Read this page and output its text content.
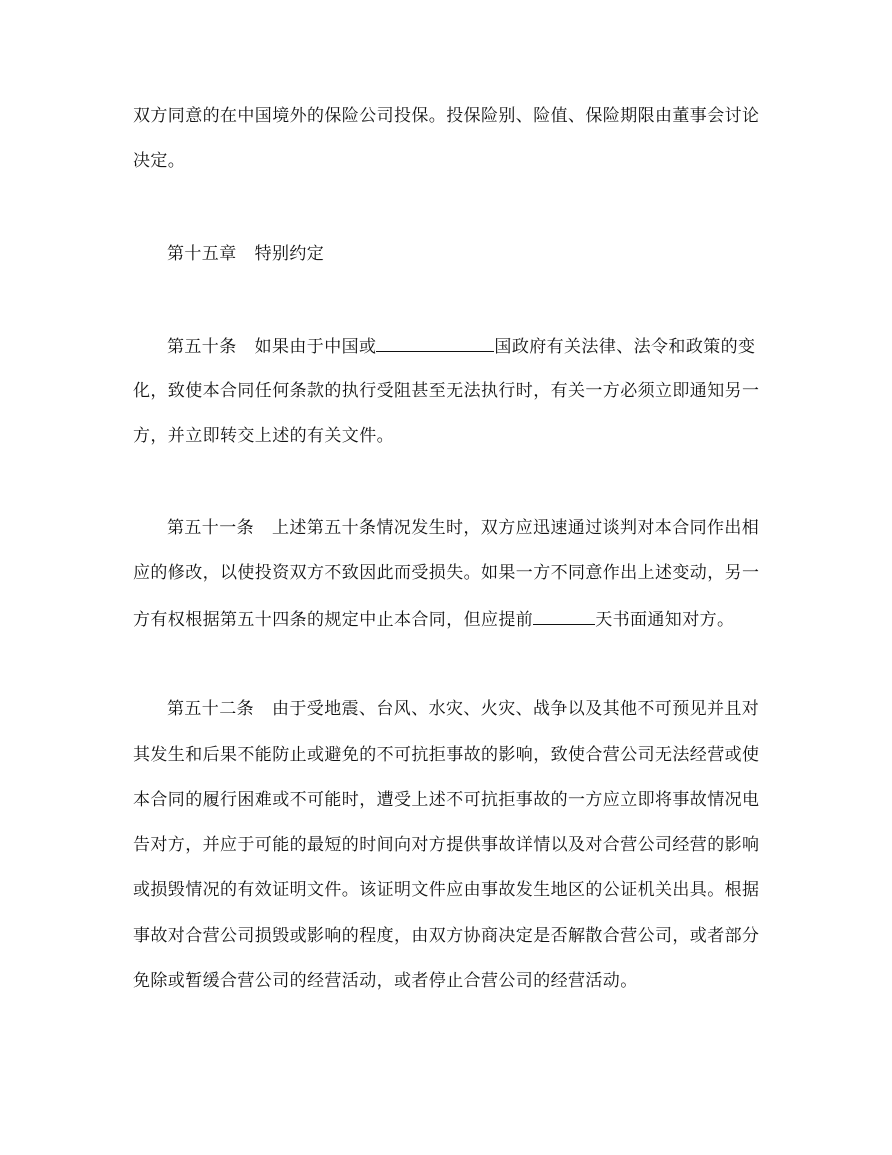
双方同意的在中国境外的保险公司投保。投保险别、险值、保险期限由董事会讨论
决定。
第十五章 特别约定
第五十条 如果由于中国或	国政府有关法律、法令和政策的变
化，致使本合同任何条款的执行受阻甚至无法执行时，有关一方必须立即通知另一
方，并立即转交上述的有关文件。
第五十一条 上述第五十条情况发生时，双方应迅速通过谈判对本合同作出相
应的修改，以使投资双方不致因此而受损失。如果一方不同意作出上述变动，另一
方有权根据第五十四条的规定中止本合同，但应提前	天书面通知对方。
第五十二条 由于受地震、台风、水灾、火灾、战争以及其他不可预见并且对
其发生和后果不能防止或避免的不可抗拒事故的影响，致使合营公司无法经营或使
本合同的履行困难或不可能时，遭受上述不可抗拒事故的一方应立即将事故情况电
告对方，并应于可能的最短的时间向对方提供事故详情以及对合营公司经营的影响
或损毁情况的有效证明文件。该证明文件应由事故发生地区的公证机关出具。根据
事故对合营公司损毁或影响的程度，由双方协商决定是否解散合营公司，或者部分
免除或暂缓合营公司的经营活动，或者停止合营公司的经营活动。
